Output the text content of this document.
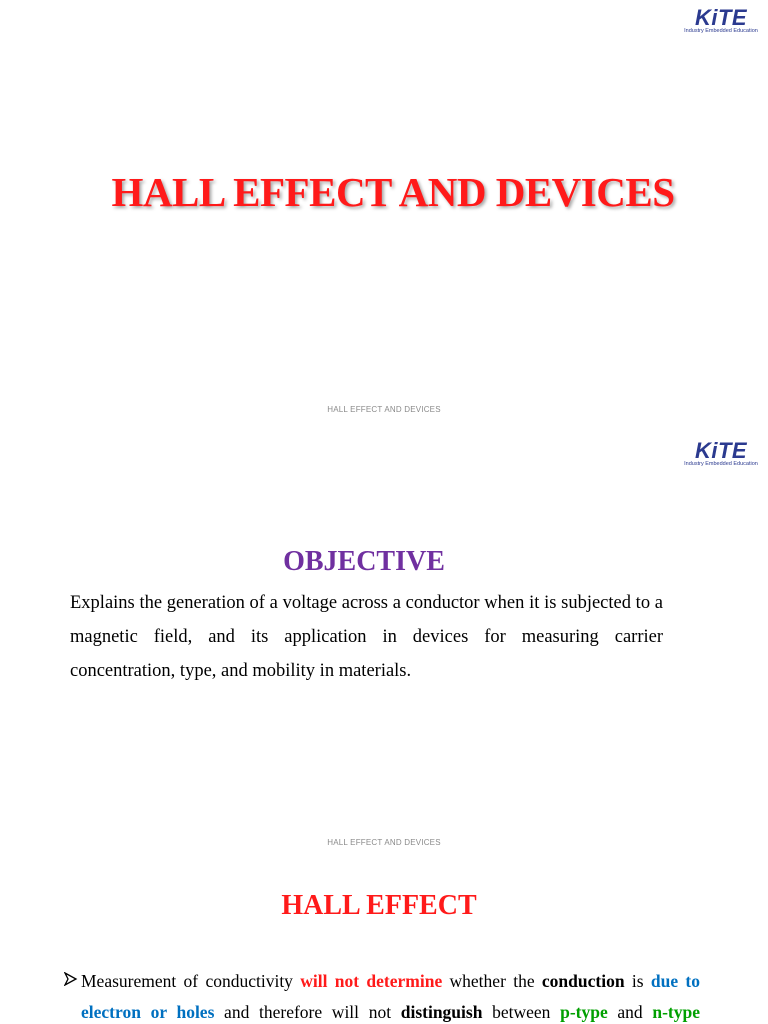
KiTE
Industry Embedded Education
HALL EFFECT AND DEVICES
HALL EFFECT AND DEVICES
KiTE
Industry Embedded Education
OBJECTIVE
Explains the generation of a voltage across a conductor when it is subjected to a magnetic field, and its application in devices for measuring carrier concentration, type, and mobility in materials.
HALL EFFECT AND DEVICES
HALL EFFECT
Measurement of conductivity will not determine whether the conduction is due to electron or holes and therefore will not distinguish between p-type and n-type
